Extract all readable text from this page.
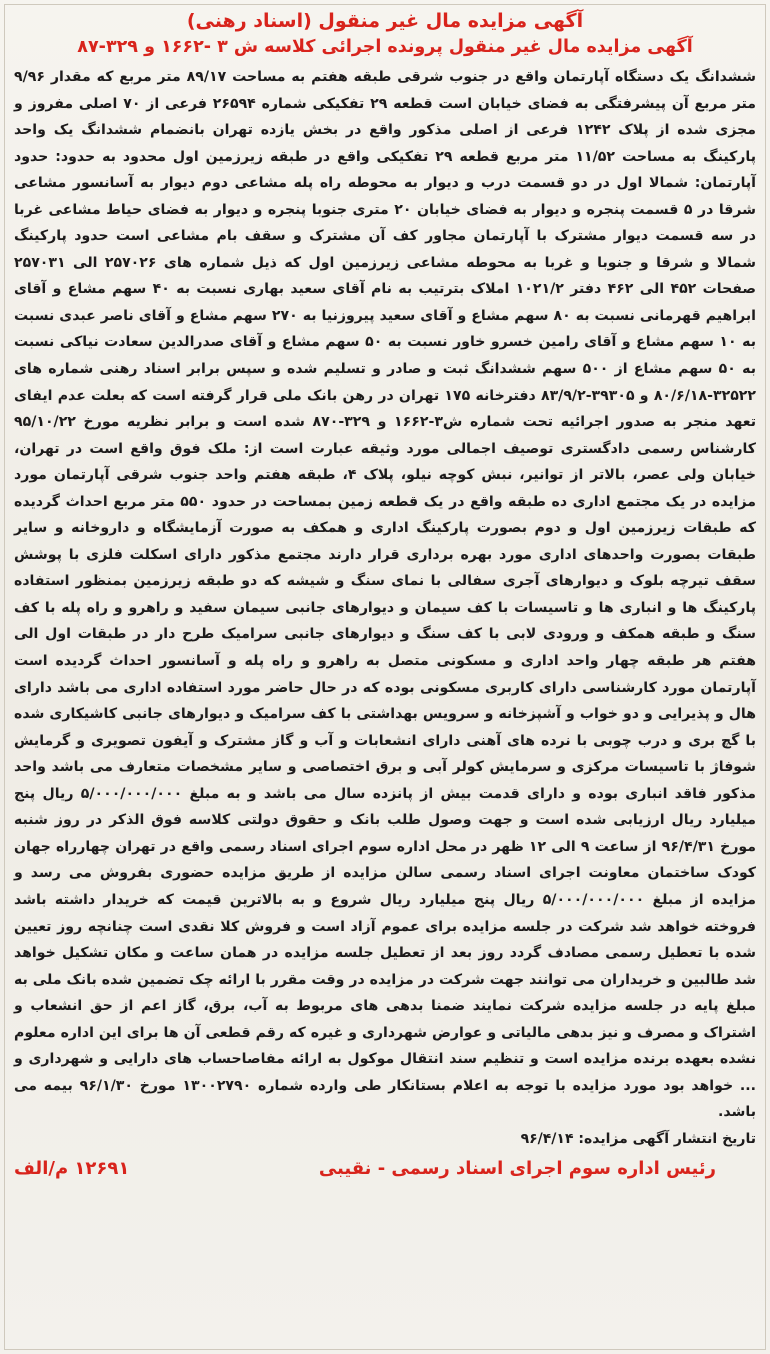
آگهی مزایده مال غیر منقول (اسناد رهنی)
آگهی مزایده مال غیر منقول پرونده اجرائی کلاسه ش ۳ -۱۶۶۲ و ۳۲۹-۸۷

ششدانگ یک دستگاه آپارتمان واقع در جنوب شرقی طبقه هفتم به مساحت ۸۹/۱۷ متر مربع که مقدار ۹/۹۶ متر مربع آن پیشرفتگی به فضای خیابان است قطعه ۲۹ تفکیکی شماره ۲۶۵۹۴ فرعی از ۷۰ اصلی مفروز و مجزی شده از پلاک ۱۲۴۲ فرعی از اصلی مذکور واقع در بخش یازده تهران بانضمام ششدانگ یک واحد پارکینگ به مساحت ۱۱/۵۲ متر مربع قطعه ۲۹ تفکیکی واقع در طبقه زیرزمین اول محدود به حدود: حدود آپارتمان: شمالا اول در دو قسمت درب و دیوار به محوطه راه پله مشاعی دوم دیوار به آسانسور مشاعی شرقا در ۵ قسمت پنجره و دیوار به فضای خیابان ۲۰ متری جنوبا پنجره و دیوار به فضای حیاط مشاعی غربا در سه قسمت دیوار مشترک با آپارتمان مجاور کف آن مشترک و سقف بام مشاعی است حدود پارکینگ شمالا و شرقا و جنوبا و غربا به محوطه مشاعی زیرزمین اول که ذیل شماره های ۲۵۷۰۲۶ الی ۲۵۷۰۳۱ صفحات ۴۵۲ الی ۴۶۲ دفتر ۱۰۲۱/۲ املاک بترتیب به نام آقای سعید بهاری نسبت به ۴۰ سهم مشاع و آقای ابراهیم قهرمانی نسبت به ۸۰ سهم مشاع و آقای سعید پیروزنیا به ۲۷۰ سهم مشاع و آقای ناصر عبدی نسبت به ۱۰ سهم مشاع و آقای رامین خسرو خاور نسبت به ۵۰ سهم مشاع و آقای صدرالدین سعادت نیاکی نسبت به ۵۰ سهم مشاع از ۵۰۰ سهم ششدانگ ثبت و صادر و تسلیم شده و سپس برابر اسناد رهنی شماره های ۳۲۵۲۲-۸۰/۶/۱۸ و ۳۹۳۰۵-۸۳/۹/۲ دفترخانه ۱۷۵ تهران در رهن بانک ملی قرار گرفته است که بعلت عدم ایفای تعهد منجر به صدور اجرائیه تحت شماره ش۳-۱۶۶۲ و ۳۲۹-۸۷۰ شده است و برابر نظریه مورخ ۹۵/۱۰/۲۲ کارشناس رسمی دادگستری توصیف اجمالی مورد وثیقه عبارت است از: ملک فوق واقع است در تهران، خیابان ولی عصر، بالاتر از توانیر، نبش کوچه نیلو، پلاک ۴، طبقه هفتم واحد جنوب شرقی آپارتمان مورد مزایده در یک مجتمع اداری ده طبقه واقع در یک قطعه زمین بمساحت در حدود ۵۵۰ متر مربع احداث گردیده که طبقات زیرزمین اول و دوم بصورت پارکینگ اداری و همکف به صورت آزمایشگاه و داروخانه و سایر طبقات بصورت واحدهای اداری مورد بهره برداری قرار دارند مجتمع مذکور دارای اسکلت فلزی با پوشش سقف تیرچه بلوک و دیوارهای آجری سفالی با نمای سنگ و شیشه که دو طبقه زیرزمین بمنظور استفاده پارکینگ ها و انباری ها و تاسیسات با کف سیمان و دیوارهای جانبی سیمان سفید و راهرو و راه پله با کف سنگ و طبقه همکف و ورودی لابی با کف سنگ و دیوارهای جانبی سرامیک طرح دار در طبقات اول الی هفتم هر طبقه چهار واحد اداری و مسکونی متصل به راهرو و راه پله و آسانسور احداث گردیده است آپارتمان مورد کارشناسی دارای کاربری مسکونی بوده که در حال حاضر مورد استفاده اداری می باشد دارای هال و پذیرایی و دو خواب و آشپزخانه و سرویس بهداشتی با کف سرامیک و دیوارهای جانبی کاشیکاری شده با گچ بری و درب چوبی با نرده های آهنی دارای انشعابات و آب و گاز مشترک و آیفون تصویری و گرمایش شوفاژ با تاسیسات مرکزی و سرمایش کولر آبی و برق اختصاصی و سایر مشخصات متعارف می باشد واحد مذکور فاقد انباری بوده و دارای قدمت بیش از پانزده سال می باشد و به مبلغ ۵/۰۰۰/۰۰۰/۰۰۰ ریال پنج میلیارد ریال ارزیابی شده است و جهت وصول طلب بانک و حقوق دولتی کلاسه فوق الذکر در روز شنبه مورخ ۹۶/۴/۳۱ از ساعت ۹ الی ۱۲ ظهر در محل اداره سوم اجرای اسناد رسمی واقع در تهران چهارراه جهان کودک ساختمان معاونت اجرای اسناد رسمی سالن مزایده از طریق مزایده حضوری بفروش می رسد و مزایده از مبلغ ۵/۰۰۰/۰۰۰/۰۰۰ ریال پنج میلیارد ریال شروع و به بالاترین قیمت که خریدار داشته باشد فروخته خواهد شد شرکت در جلسه مزایده برای عموم آزاد است و فروش کلا نقدی است چنانچه روز تعیین شده با تعطیل رسمی مصادف گردد روز بعد از تعطیل جلسه مزایده در همان ساعت و مکان تشکیل خواهد شد طالبین و خریداران می توانند جهت شرکت در مزایده در وقت مقرر با ارائه چک تضمین شده بانک ملی به مبلغ پایه در جلسه مزایده شرکت نمایند ضمنا بدهی های مربوط به آب، برق، گاز اعم از حق انشعاب و اشتراک و مصرف و نیز بدهی مالیاتی و عوارض شهرداری و غیره که رقم قطعی آن ها برای این اداره معلوم نشده بعهده برنده مزایده است و تنظیم سند انتقال موکول به ارائه مفاصاحساب های دارایی و شهرداری و ... خواهد بود مورد مزایده با توجه به اعلام بستانکار طی وارده شماره ۱۳۰۰۲۷۹۰ مورخ ۹۶/۱/۳۰ بیمه می باشد.

تاریخ انتشار آگهی مزایده: ۹۶/۴/۱۴

رئیس اداره سوم اجرای اسناد رسمی - نقیبی
۱۲۶۹۱ م/الف
